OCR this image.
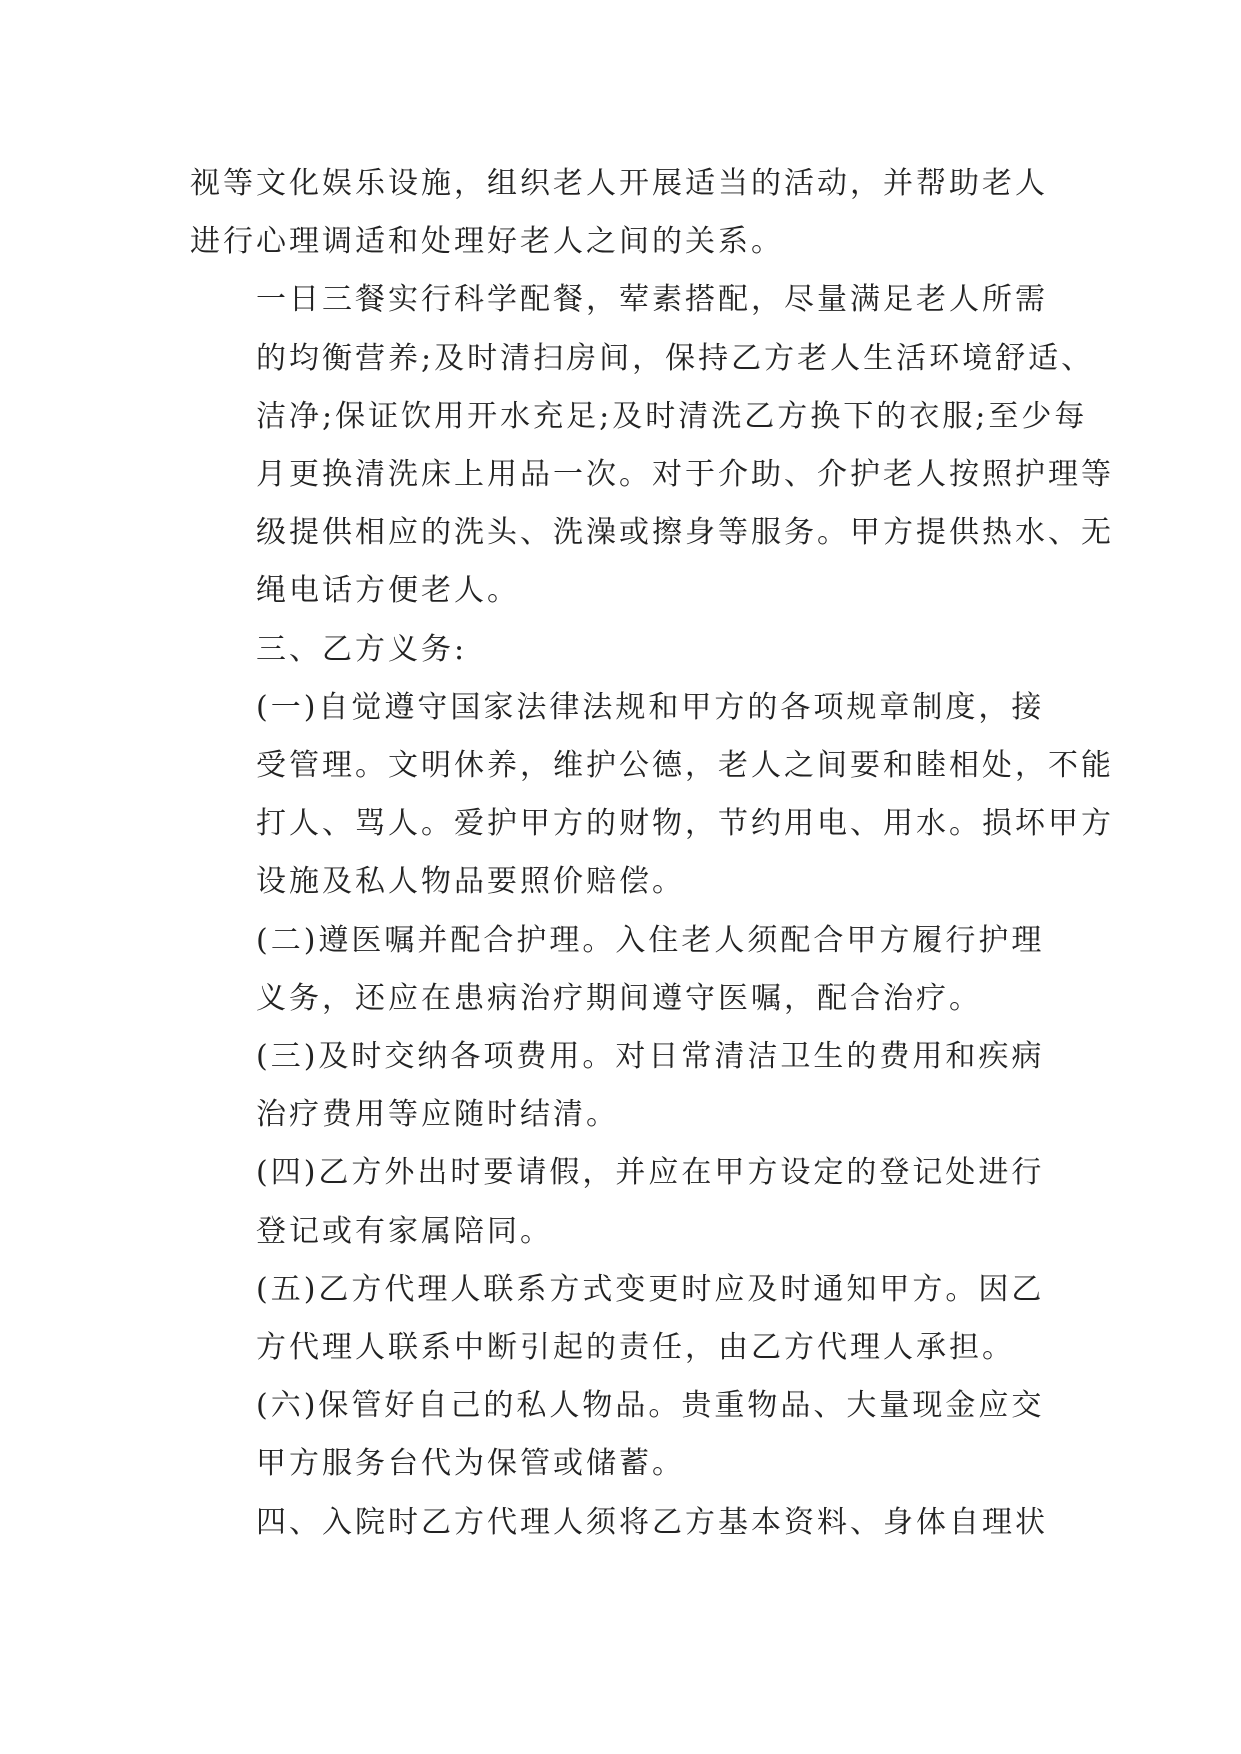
视等文化娱乐设施，组织老人开展适当的活动，并帮助老人
进行心理调适和处理好老人之间的关系。

一日三餐实行科学配餐，荤素搭配，尽量满足老人所需
的均衡营养;及时清扫房间，保持乙方老人生活环境舒适、
洁净;保证饮用开水充足;及时清洗乙方换下的衣服;至少每
月更换清洗床上用品一次。对于介助、介护老人按照护理等
级提供相应的洗头、洗澡或擦身等服务。甲方提供热水、无
绳电话方便老人。

三、乙方义务:

(一)自觉遵守国家法律法规和甲方的各项规章制度，接
受管理。文明休养，维护公德，老人之间要和睦相处，不能
打人、骂人。爱护甲方的财物，节约用电、用水。损坏甲方
设施及私人物品要照价赔偿。

(二)遵医嘱并配合护理。入住老人须配合甲方履行护理
义务，还应在患病治疗期间遵守医嘱，配合治疗。

(三)及时交纳各项费用。对日常清洁卫生的费用和疾病
治疗费用等应随时结清。

(四)乙方外出时要请假，并应在甲方设定的登记处进行
登记或有家属陪同。

(五)乙方代理人联系方式变更时应及时通知甲方。因乙
方代理人联系中断引起的责任，由乙方代理人承担。

(六)保管好自己的私人物品。贵重物品、大量现金应交
甲方服务台代为保管或储蓄。

四、入院时乙方代理人须将乙方基本资料、身体自理状
